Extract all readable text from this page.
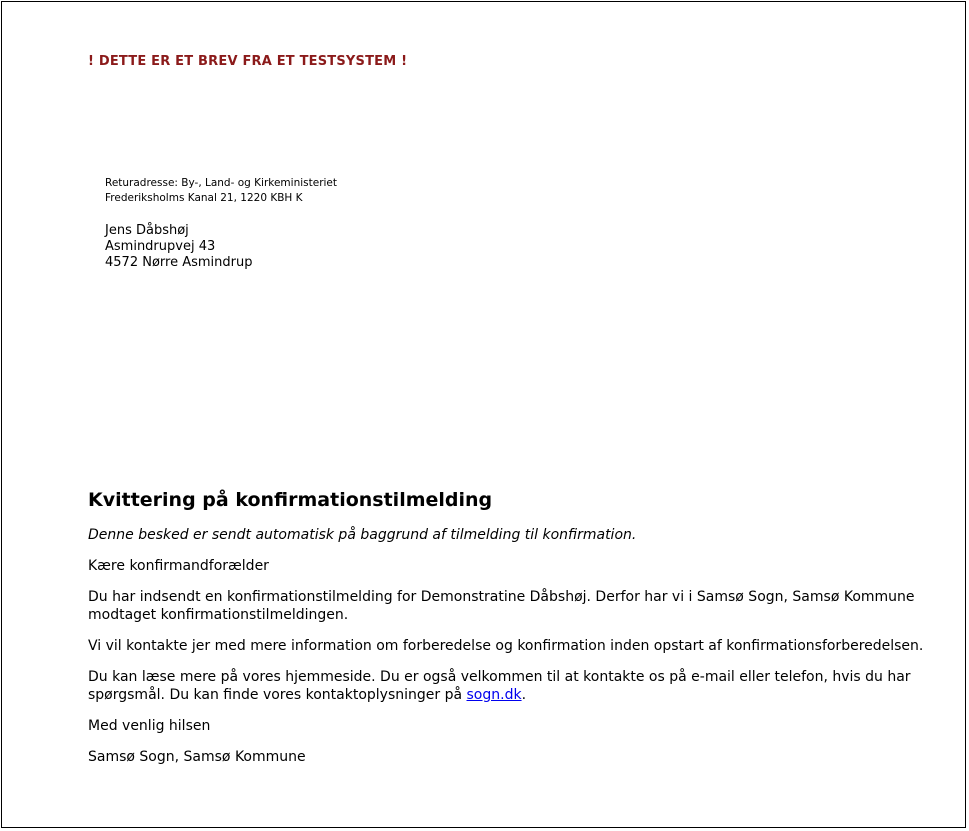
! DETTE ER ET BREV FRA ET TESTSYSTEM !
Returadresse: By-, Land- og Kirkeministeriet
Frederiksholms Kanal 21, 1220 KBH K
Jens Dåbshøj
Asmindrupvej 43
4572 Nørre Asmindrup
Kvittering på konfirmationstilmelding

Denne besked er sendt automatisk på baggrund af tilmelding til konfirmation.

Kære konfirmandforælder

Du har indsendt en konfirmationstilmelding for Demonstratine Dåbshøj. Derfor har vi i Samsø Sogn, Samsø Kommune modtaget konfirmationstilmeldingen.

Vi vil kontakte jer med mere information om forberedelse og konfirmation inden opstart af konfirmationsforberedelsen.

Du kan læse mere på vores hjemmeside. Du er også velkommen til at kontakte os på e-mail eller telefon, hvis du har spørgsmål. Du kan finde vores kontaktoplysninger på sogn.dk.

Med venlig hilsen

Samsø Sogn, Samsø Kommune
